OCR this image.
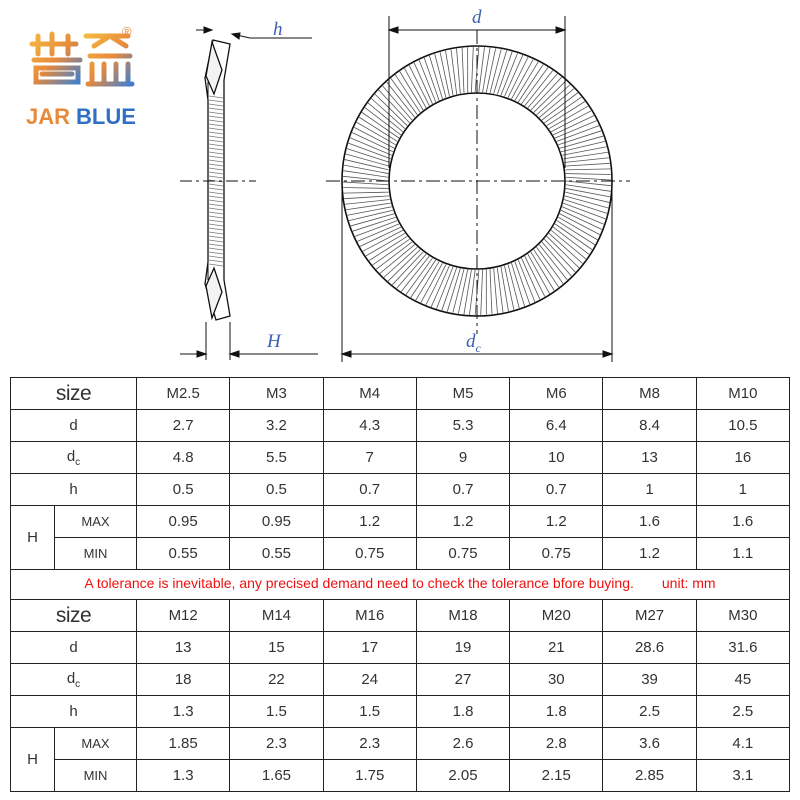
®
JAR BLUE
h
H
d
$d_c$
size		M2.5	M3	M4	M5	M6	M8	M10
d		2.7	3.2	4.3	5.3	6.4	8.4	10.5
$d_c$		4.8	5.5	7	9	10	13	16
h		0.5	0.5	0.7	0.7	0.7	1	1
H	MAX	0.95	0.95	1.2	1.2	1.2	1.6	1.6
	MIN	0.55	0.55	0.75	0.75	0.75	1.2	1.1
A tolerance is inevitable, any precised demand need to check the tolerance bfore buying. unit: mm
size		M12	M14	M16	M18	M20	M27	M30
d		13	15	17	19	21	28.6	31.6
$d_c$		18	22	24	27	30	39	45
h		1.3	1.5	1.5	1.8	1.8	2.5	2.5
H	MAX	1.85	2.3	2.3	2.6	2.8	3.6	4.1
	MIN	1.3	1.65	1.75	2.05	2.15	2.85	3.1
